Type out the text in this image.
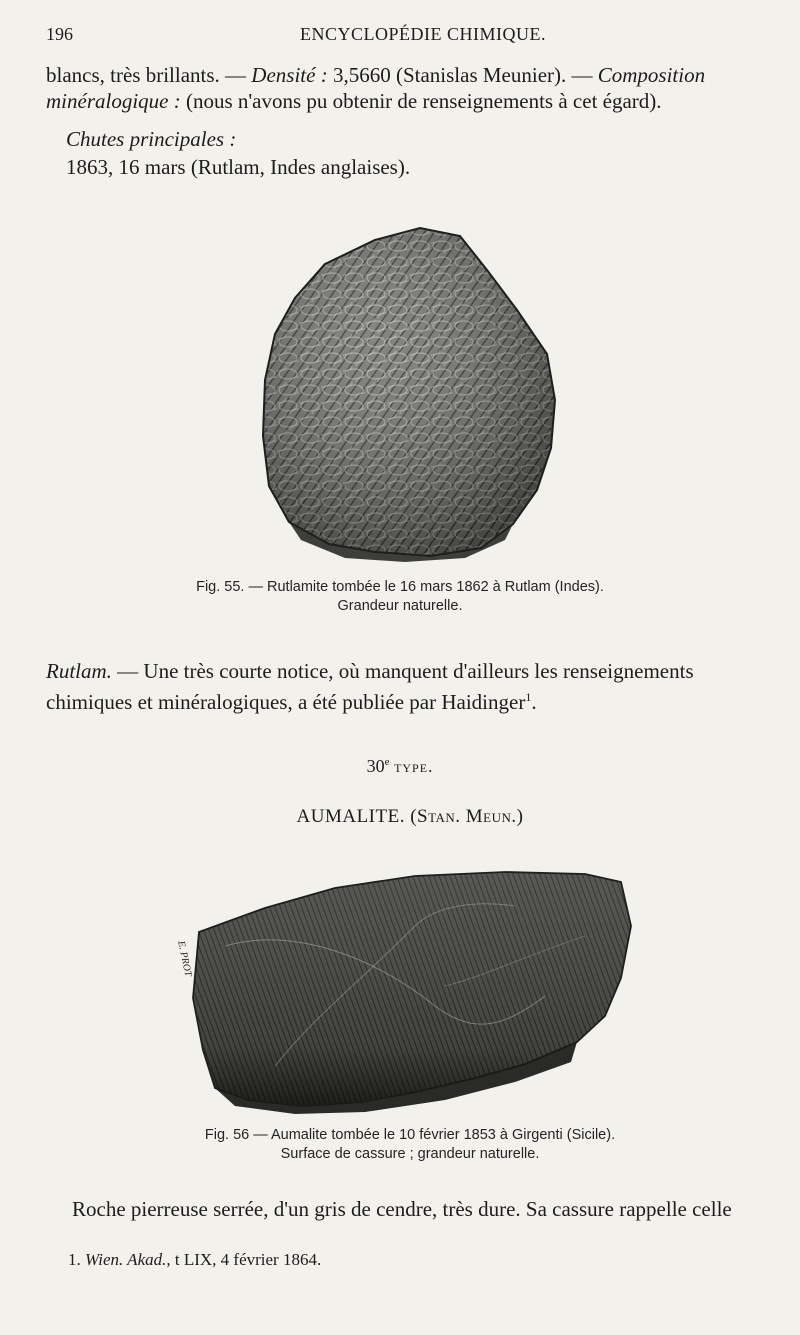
196	ENCYCLOPÉDIE CHIMIQUE.
blancs, très brillants. — Densité : 3,5660 (Stanislas Meunier). — Composition
minéralogique : (nous n'avons pu obtenir de renseignements à cet égard).
Chutes principales :
1863, 16 mars (Rutlam, Indes anglaises).
Fig. 55. — Rutlamite tombée le 16 mars 1862 à Rutlam (Indes).
Grandeur naturelle.
Rutlam. — Une très courte notice, où manquent d'ailleurs les renseignements
chimiques et minéralogiques, a été publiée par Haidinger$^1$.
30e type.
AUMALITE. (Stan. Meun.)
E. PROT
Fig. 56 — Aumalite tombée le 10 février 1853 à Girgenti (Sicile).
Surface de cassure ; grandeur naturelle.
Roche pierreuse serrée, d'un gris de cendre, très dure. Sa cassure rappelle celle
1. Wien. Akad., t LIX, 4 février 1864.
